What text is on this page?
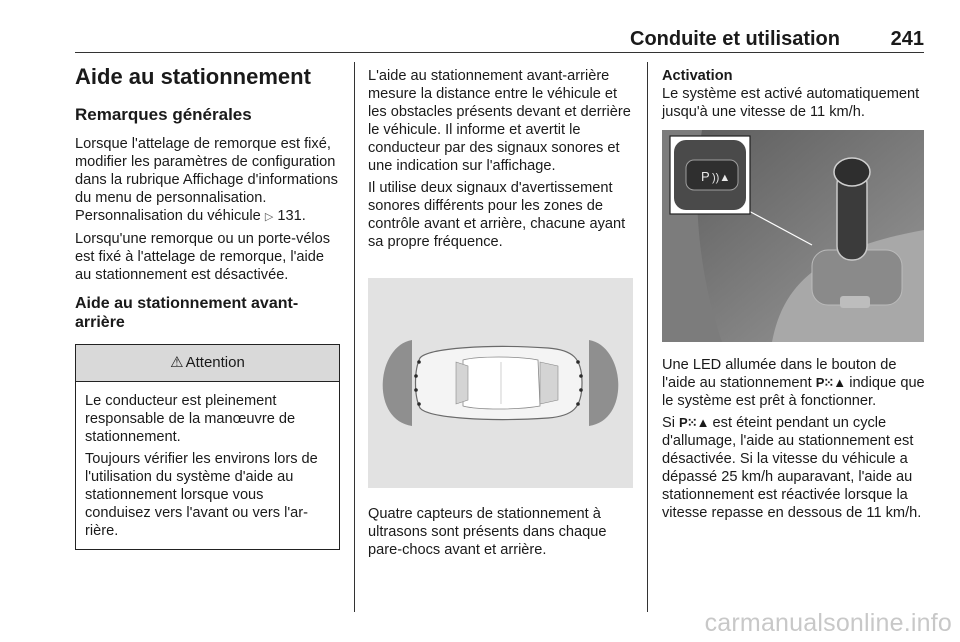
Conduite et utilisation	241
Aide au stationnement
Remarques générales

Lorsque l'attelage de remorque est fixé, modifier les paramètres de configuration dans la rubrique Affichage d'informations du menu de personnalisation. Personnalisation du véhicule ▷ 131.

Lorsqu'une remorque ou un porte-vélos est fixé à l'attelage de remorque, l'aide au stationnement est désactivée.

Aide au stationnement avant-arrière
⚠ Attention

Le conducteur est pleinement responsable de la manœuvre de stationnement.

Toujours vérifier les environs lors de l'utilisation du système d'aide au stationnement lorsque vous conduisez vers l'avant ou vers l'arrière.

L'aide au stationnement avant-arrière mesure la distance entre le véhicule et les obstacles présents devant et derrière le véhicule. Il informe et avertit le conducteur par des signaux sonores et une indication sur l'affichage.

Il utilise deux signaux d'avertissement sonores différents pour les zones de contrôle avant et arrière, chacune ayant sa propre fréquence.

Quatre capteurs de stationnement à ultrasons sont présents dans chaque pare-chocs avant et arrière.

Activation

Le système est activé automatiquement jusqu'à une vitesse de 11 km/h.

P ))▲

Une LED allumée dans le bouton de l'aide au stationnement P⁙▲ indique que le système est prêt à fonctionner.

Si P⁙▲ est éteint pendant un cycle d'allumage, l'aide au stationnement est désactivée. Si la vitesse du véhicule a dépassé 25 km/h auparavant, l'aide au stationnement est réactivée lorsque la vitesse repasse en dessous de 11 km/h.

carmanualsonline.info
